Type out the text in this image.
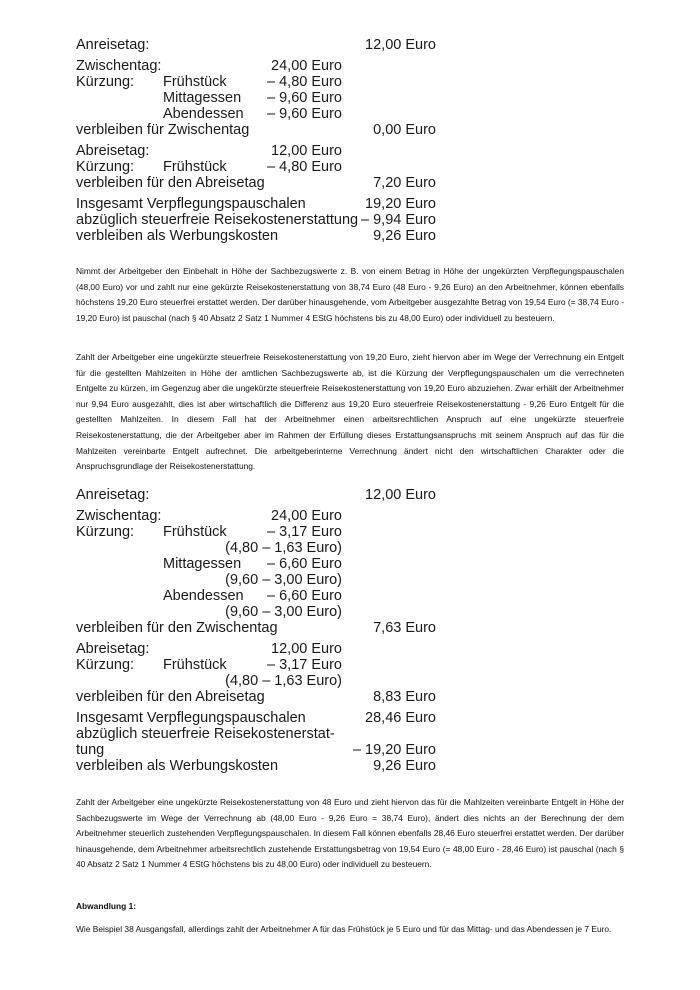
Anreisetag:	12,00 Euro
Zwischentag:	24,00 Euro
Kürzung: Frühstück	– 4,80 Euro
Mittagessen – 9,60 Euro
Abendessen – 9,60 Euro
verbleiben für Zwischentag	0,00 Euro
Abreisetag:	12,00 Euro
Kürzung: Frühstück	– 4,80 Euro
verbleiben für den Abreisetag	7,20 Euro
Insgesamt Verpflegungspauschalen	19,20 Euro
abzüglich steuerfreie Reisekostenerstattung – 9,94 Euro
verbleiben als Werbungskosten	9,26 Euro

Nimmt der Arbeitgeber den Einbehalt in Höhe der Sachbezugswerte z. B. von einem Betrag in Höhe der ungekürzten Verpflegungspauschalen (48,00 Euro) vor und zahlt nur eine gekürzte Reisekostenerstattung von 38,74 Euro (48 Euro - 9,26 Euro) an den Arbeitnehmer, können ebenfalls höchstens 19,20 Euro steuerfrei erstattet werden. Der darüber hinausgehende, vom Arbeitgeber ausgezahlte Betrag von 19,54 Euro (= 38,74 Euro - 19,20 Euro) ist pauschal (nach § 40 Absatz 2 Satz 1 Nummer 4 EStG höchstens bis zu 48,00 Euro) oder individuell zu besteuern.

Zahlt der Arbeitgeber eine ungekürzte steuerfreie Reisekostenerstattung von 19,20 Euro, zieht hiervon aber im Wege der Verrechnung ein Entgelt für die gestellten Mahlzeiten in Höhe der amtlichen Sachbezugswerte ab, ist die Kürzung der Verpflegungspauschalen um die verrechneten Entgelte zu kürzen, im Gegenzug aber die ungekürzte steuerfreie Reisekostenerstattung von 19,20 Euro abzuziehen. Zwar erhält der Arbeitnehmer nur 9,94 Euro ausgezahlt, dies ist aber wirtschaftlich die Differenz aus 19,20 Euro steuerfreie Reisekostenerstattung - 9,26 Euro Entgelt für die gestellten Mahlzeiten. In diesem Fall hat der Arbeitnehmer einen arbeitsrechtlichen Anspruch auf eine ungekürzte steuerfreie Reisekostenerstattung, die der Arbeitgeber aber im Rahmen der Erfüllung dieses Erstattungsanspruchs mit seinem Anspruch auf das für die Mahlzeiten vereinbarte Entgelt aufrechnet. Die arbeitgeberinterne Verrechnung ändert nicht den wirtschaftlichen Charakter oder die Anspruchsgrundlage der Reisekostenerstattung.

Anreisetag:	12,00 Euro
Zwischentag:	24,00 Euro
Kürzung: Frühstück	– 3,17 Euro
(4,80 – 1,63 Euro)
Mittagessen – 6,60 Euro
(9,60 – 3,00 Euro)
Abendessen – 6,60 Euro
(9,60 – 3,00 Euro)
verbleiben für den Zwischentag	7,63 Euro
Abreisetag:	12,00 Euro
Kürzung: Frühstück	– 3,17 Euro
(4,80 – 1,63 Euro)
verbleiben für den Abreisetag	8,83 Euro
Insgesamt Verpflegungspauschalen	28,46 Euro
abzüglich steuerfreie Reisekostenerstat-
tung	– 19,20 Euro
verbleiben als Werbungskosten	9,26 Euro

Zahlt der Arbeitgeber eine ungekürzte Reisekostenerstattung von 48 Euro und zieht hiervon das für die Mahlzeiten vereinbarte Entgelt in Höhe der Sachbezugswerte im Wege der Verrechnung ab (48,00 Euro - 9,26 Euro = 38,74 Euro), ändert dies nichts an der Berechnung der dem Arbeitnehmer steuerlich zustehenden Verpflegungspauschalen. In diesem Fall können ebenfalls 28,46 Euro steuerfrei erstattet werden. Der darüber hinausgehende, dem Arbeitnehmer arbeitsrechtlich zustehende Erstattungsbetrag von 19,54 Euro (= 48,00 Euro - 28,46 Euro) ist pauschal (nach § 40 Absatz 2 Satz 1 Nummer 4 EStG höchstens bis zu 48,00 Euro) oder individuell zu besteuern.

Abwandlung 1:

Wie Beispiel 38 Ausgangsfall, allerdings zahlt der Arbeitnehmer A für das Frühstück je 5 Euro und für das Mittag- und das Abendessen je 7 Euro.
